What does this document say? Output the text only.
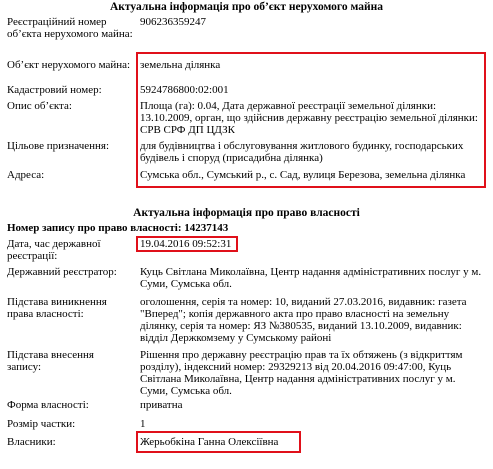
Актуальна інформація про об’єкт нерухомого майна
Реєстраційний номер об’єкта нерухомого майна:
906236359247
Об’єкт нерухомого майна: земельна ділянка
Кадастровий номер:	5924786800:02:001
Опис об’єкта:	Площа (га): 0.04, Дата державної реєстрації земельної ділянки: 13.10.2009, орган, що здійснив державну реєстрацію земельної ділянки: СРВ СРФ ДП ЦДЗК
Цільове призначення:	для будівництва і обслуговування житлового будинку, господарських будівель і споруд (присадибна ділянка)
Адреса:	Сумська обл., Сумський р., с. Сад, вулиця Березова, земельна ділянка
Актуальна інформація про право власності
Номер запису про право власності: 14237143
Дата, час державної реєстрації:
19.04.2016 09:52:31
Державний реєстратор:	Куць Світлана Миколаївна, Центр надання адміністративних послуг у м. Суми, Сумська обл.
Підстава виникнення права власності:
оголошення, серія та номер: 10, виданий 27.03.2016, видавник: газета "Вперед"; копія державного акта про право власності на земельну ділянку, серія та номер: ЯЗ №380535, виданий 13.10.2009, видавник: відділ Держкомзему у Сумському районі
Підстава внесення запису:
Рішення про державну реєстрацію прав та їх обтяжень (з відкриттям розділу), індексний номер: 29329213 від 20.04.2016 09:47:00, Куць Світлана Миколаївна, Центр надання адміністративних послуг у м. Суми, Сумська обл.
Форма власності:	приватна
Розмір частки:	1
Власники:	Жерьобкіна Ганна Олексіївна
